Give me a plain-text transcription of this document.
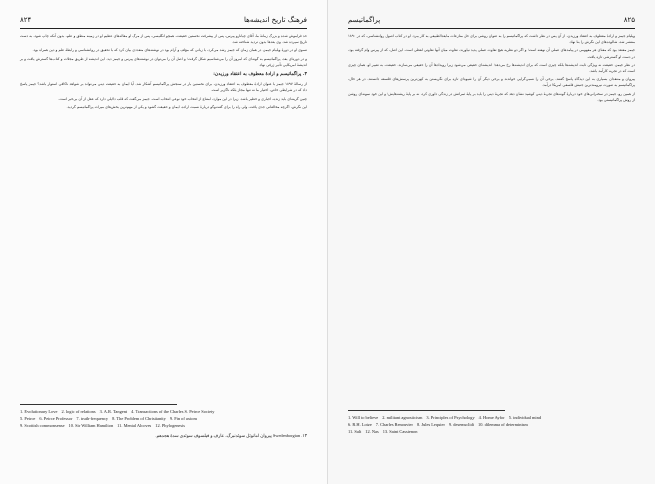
فرهنگ تاریخ اندیشه‌ها
۸۲۴

حد فراموش شده و بزرگ زمانهٔ ما، آقای چیانارو پیرس، پس از پیشرفت نخستین حقیقت، همچو انگلیسی، پس از مرگ او مقاله‌های عظیم او در زمینه منطق و علم، بدون آنکه چاپ شود، به دست تاریخ سپرده شد. وی بعدها بدون تردید شناخته شد.

تسوی او در دورهٔ ویلیام جیمز، در همان زمان که جیمز رشد می‌کرد، با زبانی که مؤلف و آرام بود در نوشته‌های متعددی بیان کرد که با تحقیق در روانشناسی و رابطهٔ علم و دین همراه بود.

و در دوره‌ای بعد، پراگماتیسم به گونه‌ای که امروز آن را می‌شناسیم شکل گرفت؛ و اصل آن را می‌توان در نوشته‌های پیرس و جیمز دید. این اندیشه از طریق مجلات و کتاب‌ها گسترش یافت و بر اندیشهٔ امریکایی تأثیر ژرفی نهاد.

۳. پراگماتیسم و ارادهٔ معطوف به اعتقاد ورزیدن:

از رسالهٔ ۱۸۹۷ جیمز با عنوان ارادهٔ معطوف به اعتقاد ورزیدن، برای نخستین بار در سنجش پراگماتیسم آشکار شد. آیا ایمان به حقیقت دینی می‌تواند بر شواهد ناکافی استوار باشد؟ جیمز پاسخ داد که در شرایطی خاص، اختیار ما نه تنها مجاز بلکه ناگزیر است.

چنین گزینه‌ای باید زنده، اجباری و خطیر باشد. زیرا در این موارد، امتناع از انتخاب خود نوعی انتخاب است. جیمز می‌گفت که قلب دلایلی دارد که عقل از آن بی‌خبر است.

این نگرش، اگرچه مخالفانی جدی یافت، ولی راه را برای گفت‌وگو دربارهٔ نسبت اراده، ایمان و حقیقت گشود و یکی از مهم‌ترین بخش‌های میراث پراگماتیسم گردید.

1. Evolutionary Love 2. logic of relations 3. A.R. Tangent 4. Transactions of the Charles S. Peirce Society
5. Peirce 6. Peirce Professor 7. truth-frequency 8. The Problem of Christianity 9. Fin of axiom
9. Scottish commonsense 10. Sir William Hamilton 11. Mental Alcoves 12. Phylogenesis
۱۳. Swedenborgian پیروان امانوئل سوئدنبرگ، عارف و فیلسوف سوئدی سدهٔ هجدهم.
۸۲۵
پراگماتیسم

ویلیام جیمز و ارادهٔ معطوف به اعتقاد ورزیدن، از آن پس در نظر داشت که پراگماتیسم را به عنوان روشی برای حل منازعات مابعدالطبیعی به کار ببرد. او در کتاب اصول روانشناسی، که در ۱۸۹۰ منتشر شد، شالوده‌های این نگرش را بنا نهاد.

جیمز معتقد بود که معنای هر مفهومی در پیامدهای عملی آن نهفته است؛ و اگر دو نظریه هیچ تفاوت عملی پدید نیاورند، تفاوت میان آنها تفاوتی لفظی است. این اصل، که از پیرس وام گرفته بود، در دست او گسترشی تازه یافت.

در نظر جیمز، حقیقت نه ویژگی ثابت اندیشه‌ها بلکه چیزی است که برای اندیشه‌ها رخ می‌دهد؛ اندیشه‌ای حقیقی می‌شود زیرا رویدادها آن را حقیقی می‌سازند. حقیقت، به تعبیر او، همان چیزی است که در تجربه کارآمد باشد.

پیروان و منتقدان بسیاری به این دیدگاه پاسخ گفتند. برخی آن را نسبی‌گرایی خواندند و برخی دیگر آن را شیوه‌ای تازه برای نگریستن به کهن‌ترین پرسش‌های فلسفه دانستند. در هر حال، پراگماتیسم به صورت نیرومندترین جنبش فلسفی امریکا درآمد.

از همین رو، جیمز در سخنرانی‌های خود دربارهٔ گونه‌های تجربهٔ دینی کوشید نشان دهد که تجربهٔ دینی را باید بر پایهٔ ثمراتش در زندگی داوری کرد، نه بر پایهٔ ریشه‌هایش؛ و این خود نمونه‌ای روشن از روش پراگماتیستی بود.

1. Will to believe 2. militant agnosticism 3. Principles of Psychology 4. Home Ayfor 5. individual mind
6. R.H. Lotze 7. Charles Renouvier 8. Jules Lequier 9. desemsclidi 10. dilemma of determinism
11. Salt 12. Nas 13. Saint Cassienon
